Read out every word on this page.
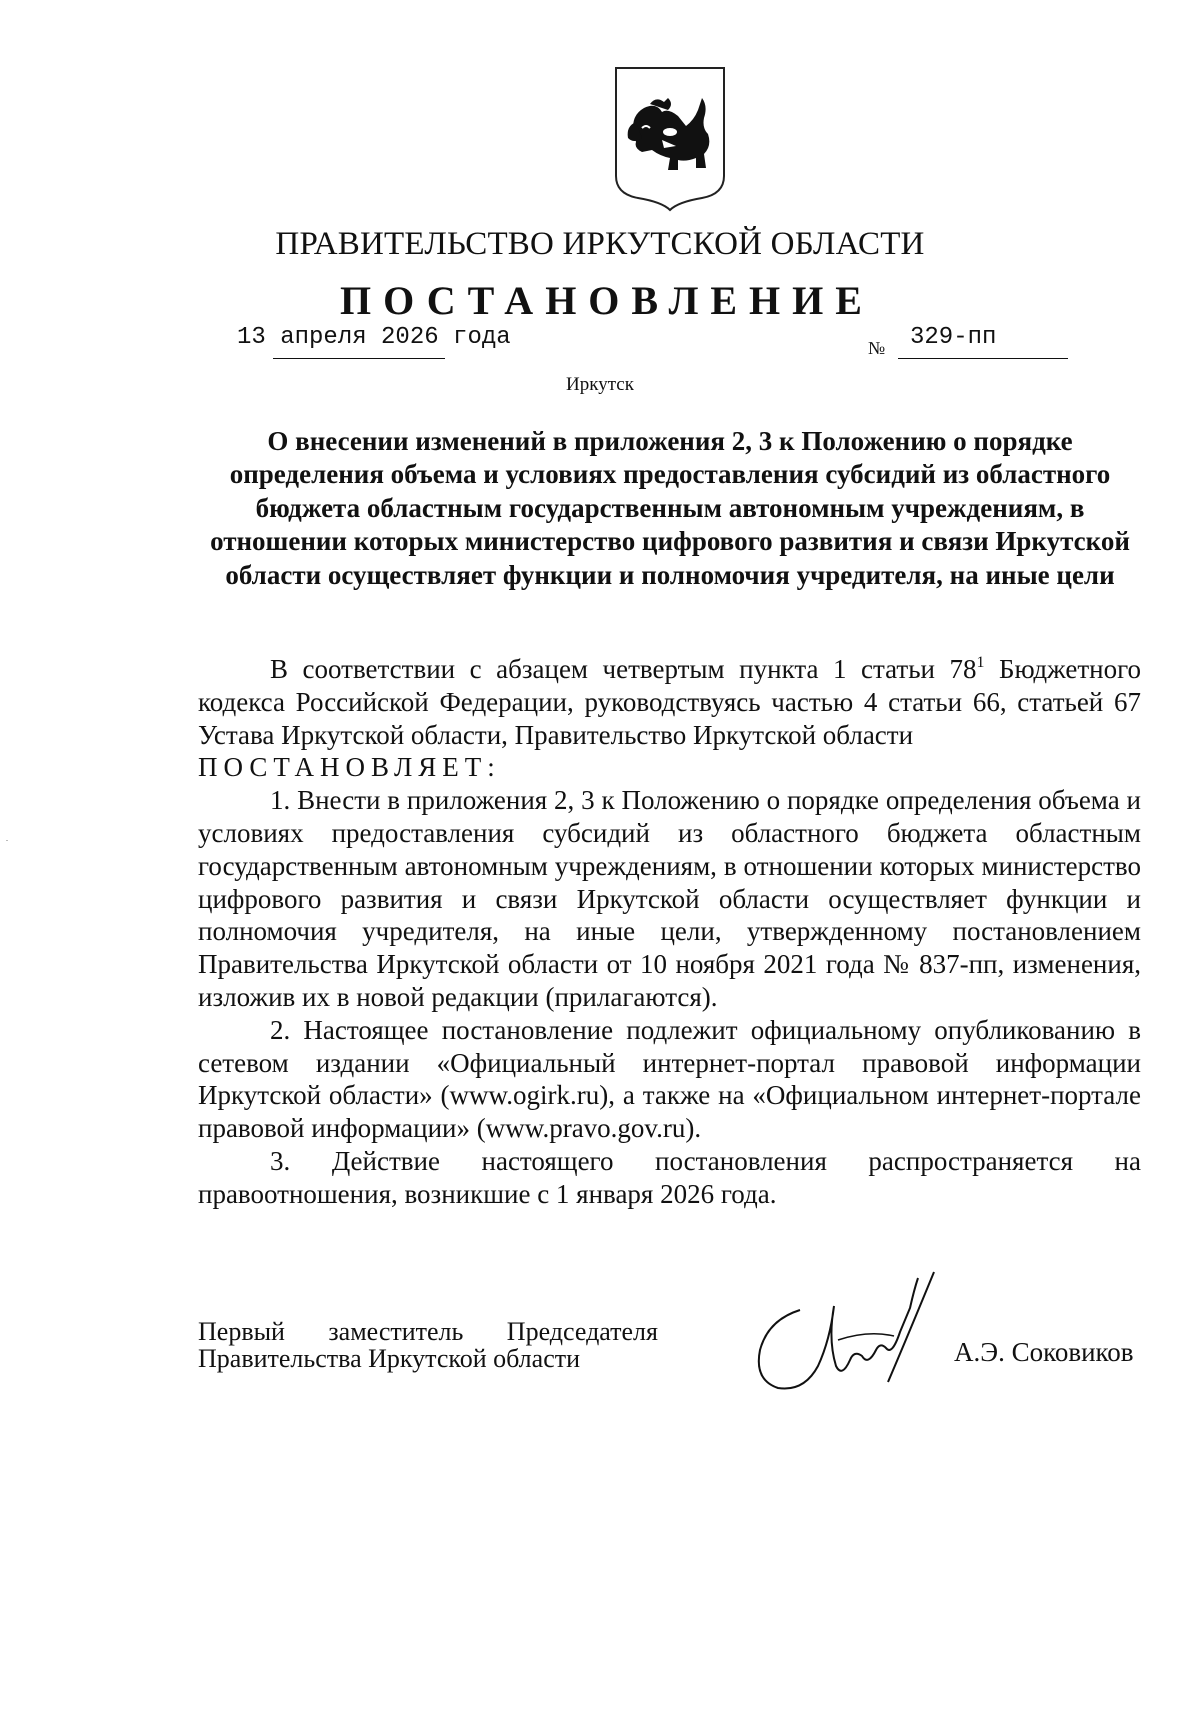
ПРАВИТЕЛЬСТВО ИРКУТСКОЙ ОБЛАСТИ
ПОСТАНОВЛЕНИЕ
13 апреля 2026 года	№ 329-пп
Иркутск
О внесении изменений в приложения 2, 3 к Положению о порядке определения объема и условиях предоставления субсидий из областного бюджета областным государственным автономным учреждениям, в отношении которых министерство цифрового развития и связи Иркутской области осуществляет функции и полномочия учредителя, на иные цели

В соответствии с абзацем четвертым пункта 1 статьи $78^1$ Бюджетного кодекса Российской Федерации, руководствуясь частью 4 статьи 66, статьей 67 Устава Иркутской области, Правительство Иркутской области
ПОСТАНОВЛЯЕТ:

1. Внести в приложения 2, 3 к Положению о порядке определения объема и условиях предоставления субсидий из областного бюджета областным государственным автономным учреждениям, в отношении которых министерство цифрового развития и связи Иркутской области осуществляет функции и полномочия учредителя, на иные цели, утвержденному постановлением Правительства Иркутской области от 10 ноября 2021 года № 837-пп, изменения, изложив их в новой редакции (прилагаются).

2. Настоящее постановление подлежит официальному опубликованию в сетевом издании «Официальный интернет-портал правовой информации Иркутской области» (www.ogirk.ru), а также на «Официальном интернет-портале правовой информации» (www.pravo.gov.ru).

3. Действие настоящего постановления распространяется на правоотношения, возникшие с 1 января 2026 года.

Первый заместитель Председателя
Правительства Иркутской области	А.Э. Соковиков
